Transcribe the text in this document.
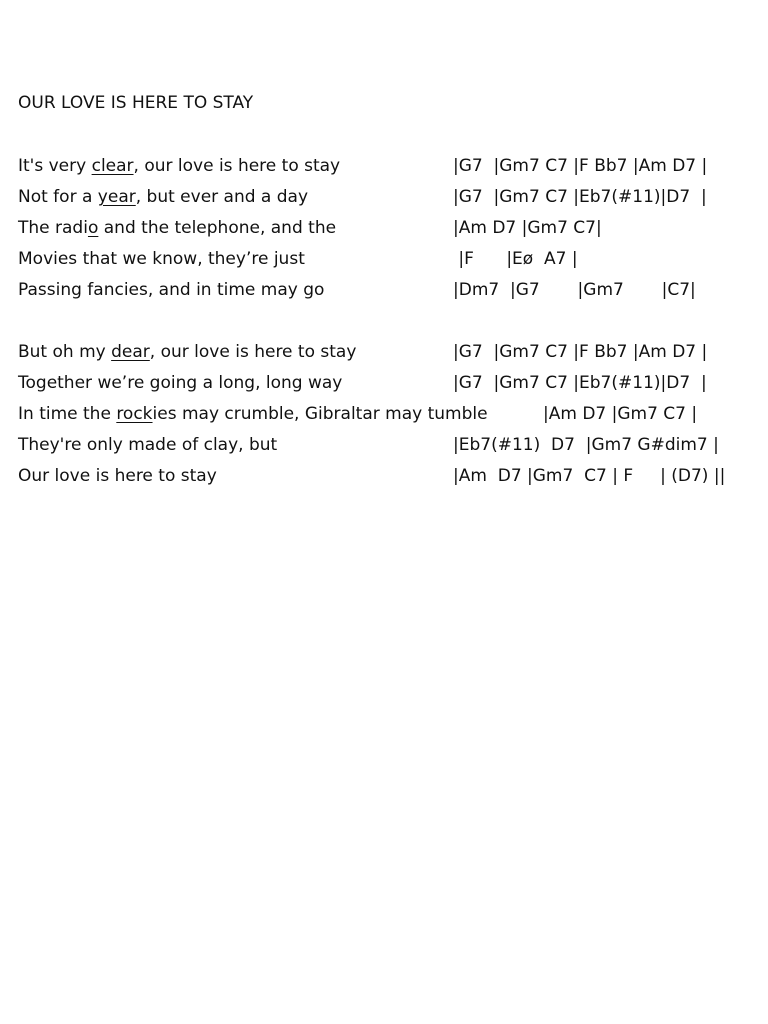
OUR LOVE IS HERE TO STAY

It's very clear, our love is here to stay

	|G7  |Gm7 C7 |F Bb7 |Am D7 |

Not for a year, but ever and a day

	|G7  |Gm7 C7 |Eb7(#11)|D7  |

The radio and the telephone, and the

	|Am D7 |Gm7 C7|

Movies that we know, they’re just

	|F      |Eø  A7 |

Passing fancies, and in time may go

	|Dm7  |G7       |Gm7       |C7|

But oh my dear, our love is here to stay

	|G7  |Gm7 C7 |F Bb7 |Am D7 |

Together we’re going a long, long way

	|G7  |Gm7 C7 |Eb7(#11)|D7  |

In time the rockies may crumble, Gibraltar may tumble

	|Am D7 |Gm7 C7 |

They're only made of clay, but

	|Eb7(#11)  D7  |Gm7 G#dim7 |

Our love is here to stay

	|Am  D7 |Gm7  C7 | F     | (D7) ||
